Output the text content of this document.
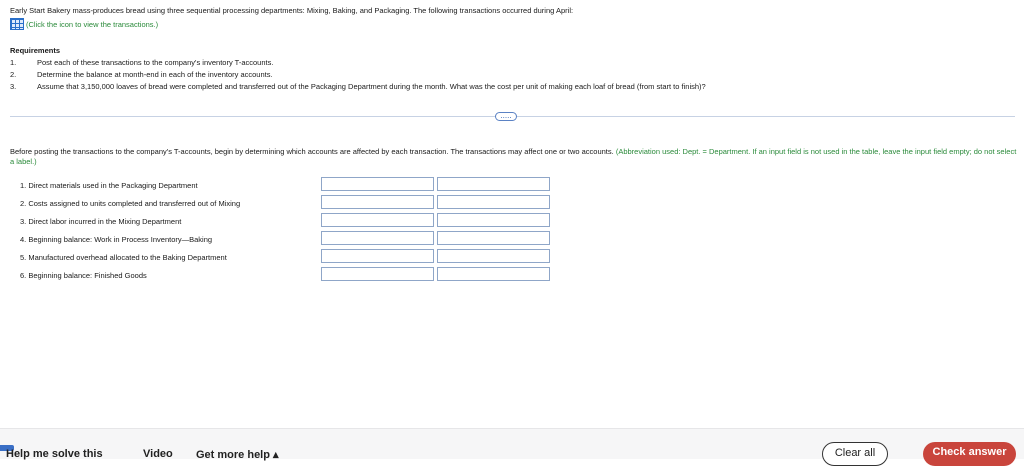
Early Start Bakery mass-produces bread using three sequential processing departments: Mixing, Baking, and Packaging. The following transactions occurred during April:
(Click the icon to view the transactions.)
Requirements
1.	Post each of these transactions to the company's inventory T-accounts.
2.	Determine the balance at month-end in each of the inventory accounts.
3.	Assume that 3,150,000 loaves of bread were completed and transferred out of the Packaging Department during the month. What was the cost per unit of making each loaf of bread (from start to finish)?
.....
Before posting the transactions to the company's T-accounts, begin by determining which accounts are affected by each transaction. The transactions may affect one or two accounts. (Abbreviation used: Dept. = Department. If an input field is not used in the table, leave the input field empty; do not select a label.)
1. Direct materials used in the Packaging Department
2. Costs assigned to units completed and transferred out of Mixing
3. Direct labor incurred in the Mixing Department
4. Beginning balance: Work in Process Inventory—Baking
5. Manufactured overhead allocated to the Baking Department
6. Beginning balance: Finished Goods
Help me solve this	Video Get more help ▴	Clear all	Check answer
